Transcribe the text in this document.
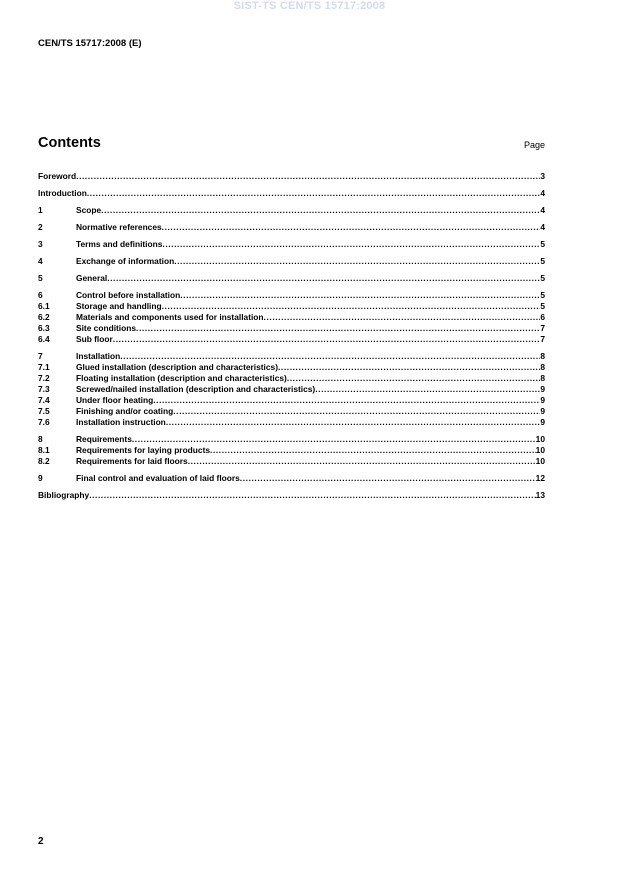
SIST-TS CEN/TS 15717:2008
CEN/TS 15717:2008 (E)
Contents	Page
Foreword .....	3
Introduction .....	4
1	Scope .....	4
2	Normative references .....	4
3	Terms and definitions .....	5
4	Exchange of information .....	5
5	General .....	5
6	Control before installation .....	5
6.1	Storage and handling .....	5
6.2	Materials and components used for installation .....	6
6.3	Site conditions .....	7
6.4	Sub floor .....	7
7	Installation .....	8
7.1	Glued installation (description and characteristics) .....	8
7.2	Floating installation (description and characteristics) .....	8
7.3	Screwed/nailed installation (description and characteristics) .....	9
7.4	Under floor heating .....	9
7.5	Finishing and/or coating .....	9
7.6	Installation instruction .....	9
8	Requirements .....	10
8.1	Requirements for laying products .....	10
8.2	Requirements for laid floors .....	10
9	Final control and evaluation of laid floors .....	12
Bibliography .....	13
2
